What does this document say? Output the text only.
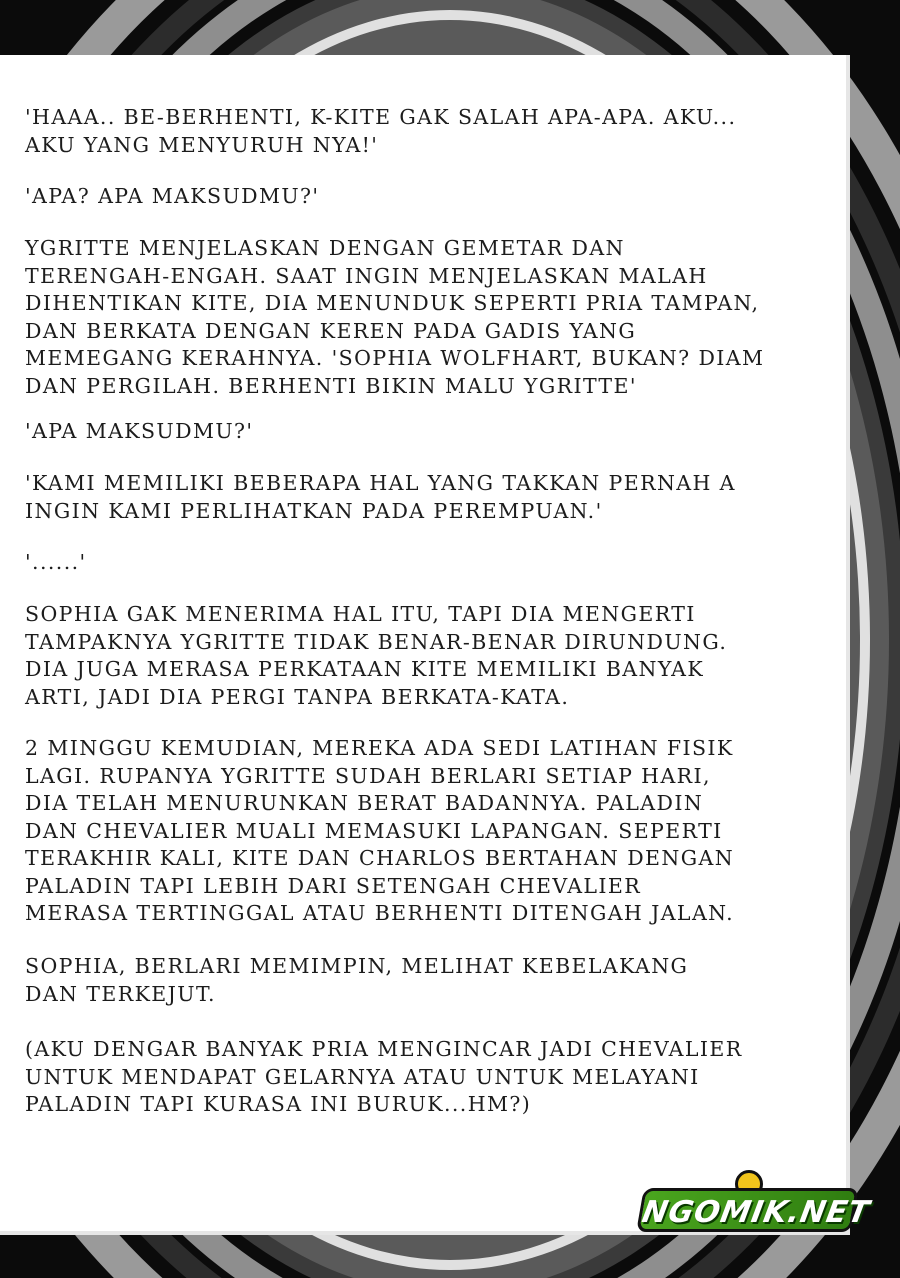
'HAAA.. BE-BERHENTI, K-KITE GAK SALAH APA-APA. AKU...
AKU YANG MENYURUH NYA!'

'APA? APA MAKSUDMU?'

YGRITTE MENJELASKAN DENGAN GEMETAR DAN
TERENGAH-ENGAH. SAAT INGIN MENJELASKAN MALAH
DIHENTIKAN KITE, DIA MENUNDUK SEPERTI PRIA TAMPAN,
DAN BERKATA DENGAN KEREN PADA GADIS YANG
MEMEGANG KERAHNYA. 'SOPHIA WOLFHART, BUKAN? DIAM
DAN PERGILAH. BERHENTI BIKIN MALU YGRITTE'

'APA MAKSUDMU?'

'KAMI MEMILIKI BEBERAPA HAL YANG TAKKAN PERNAH A
INGIN KAMI PERLIHATKAN PADA PEREMPUAN.'

'......'

SOPHIA GAK MENERIMA HAL ITU, TAPI DIA MENGERTI
TAMPAKNYA YGRITTE TIDAK BENAR-BENAR DIRUNDUNG.
DIA JUGA MERASA PERKATAAN KITE MEMILIKI BANYAK
ARTI, JADI DIA PERGI TANPA BERKATA-KATA.

2 MINGGU KEMUDIAN, MEREKA ADA SEDI LATIHAN FISIK
LAGI. RUPANYA YGRITTE SUDAH BERLARI SETIAP HARI,
DIA TELAH MENURUNKAN BERAT BADANNYA. PALADIN
DAN CHEVALIER MUALI MEMASUKI LAPANGAN. SEPERTI
TERAKHIR KALI, KITE DAN CHARLOS BERTAHAN DENGAN
PALADIN TAPI LEBIH DARI SETENGAH CHEVALIER
MERASA TERTINGGAL ATAU BERHENTI DITENGAH JALAN.

SOPHIA, BERLARI MEMIMPIN, MELIHAT KEBELAKANG
DAN TERKEJUT.

(AKU DENGAR BANYAK PRIA MENGINCAR JADI CHEVALIER
UNTUK MENDAPAT GELARNYA ATAU UNTUK MELAYANI
PALADIN TAPI KURASA INI BURUK...HM?)

NGOMIK.NET
